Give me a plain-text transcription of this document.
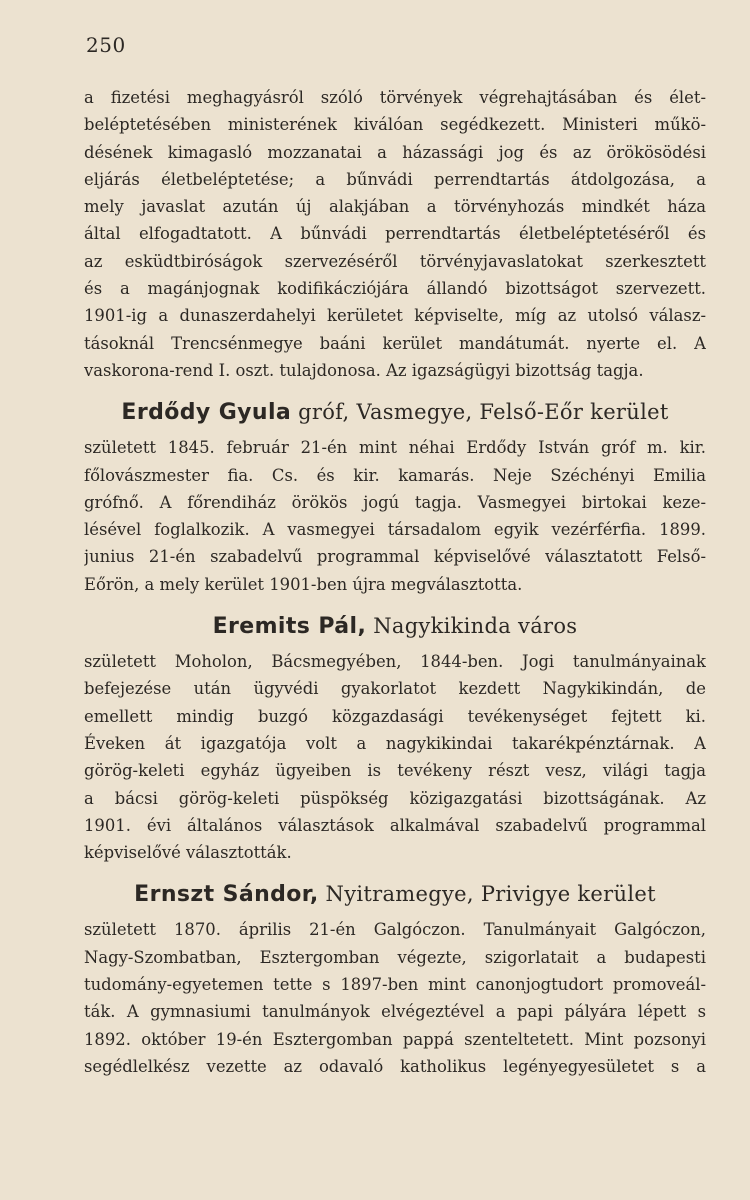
250
a fizetési meghagyásról szóló törvények végrehajtásában és élet-
beléptetésében ministerének kiválóan segédkezett. Ministeri műkö-
désének kimagasló mozzanatai a házassági jog és az örökösödési
eljárás életbeléptetése; a bűnvádi perrendtartás átdolgozása, a
mely javaslat azután új alakjában a törvényhozás mindkét háza
által elfogadtatott. A bűnvádi perrendtartás életbeléptetéséről és
az esküdtbiróságok szervezéséről törvényjavaslatokat szerkesztett
és a magánjognak kodifikácziójára állandó bizottságot szervezett.
1901-ig a dunaszerdahelyi kerületet képviselte, míg az utolsó válasz-
tásoknál Trencsénmegye baáni kerület mandátumát. nyerte el. A
vaskorona-rend I. oszt. tulajdonosa. Az igazságügyi bizottság tagja.
Erdődy Gyula gróf, Vasmegye, Felső-Eőr kerület
született 1845. február 21-én mint néhai Erdődy István gróf m. kir.
főlovászmester fia. Cs. és kir. kamarás. Neje Széchényi Emilia
grófnő. A főrendiház örökös jogú tagja. Vasmegyei birtokai keze-
lésével foglalkozik. A vasmegyei társadalom egyik vezérférfia. 1899.
junius 21-én szabadelvű programmal képviselővé választatott Felső-
Eőrön, a mely kerület 1901-ben újra megválasztotta.
Eremits Pál, Nagykikinda város
született Moholon, Bácsmegyében, 1844-ben. Jogi tanulmányainak
befejezése után ügyvédi gyakorlatot kezdett Nagykikindán, de
emellett mindig buzgó közgazdasági tevékenységet fejtett ki.
Éveken át igazgatója volt a nagykikindai takarékpénztárnak. A
görög-keleti egyház ügyeiben is tevékeny részt vesz, világi tagja
a bácsi görög-keleti püspökség közigazgatási bizottságának. Az
1901. évi általános választások alkalmával szabadelvű programmal
képviselővé választották.
Ernszt Sándor, Nyitramegye, Privigye kerület
született 1870. április 21-én Galgóczon. Tanulmányait Galgóczon,
Nagy-Szombatban, Esztergomban végezte, szigorlatait a budapesti
tudomány-egyetemen tette s 1897-ben mint canonjogtudort promoveál-
ták. A gymnasiumi tanulmányok elvégeztével a papi pályára lépett s
1892. október 19-én Esztergomban pappá szenteltetett. Mint pozsonyi
segédlelkész vezette az odavaló katholikus legényegyesületet s a
